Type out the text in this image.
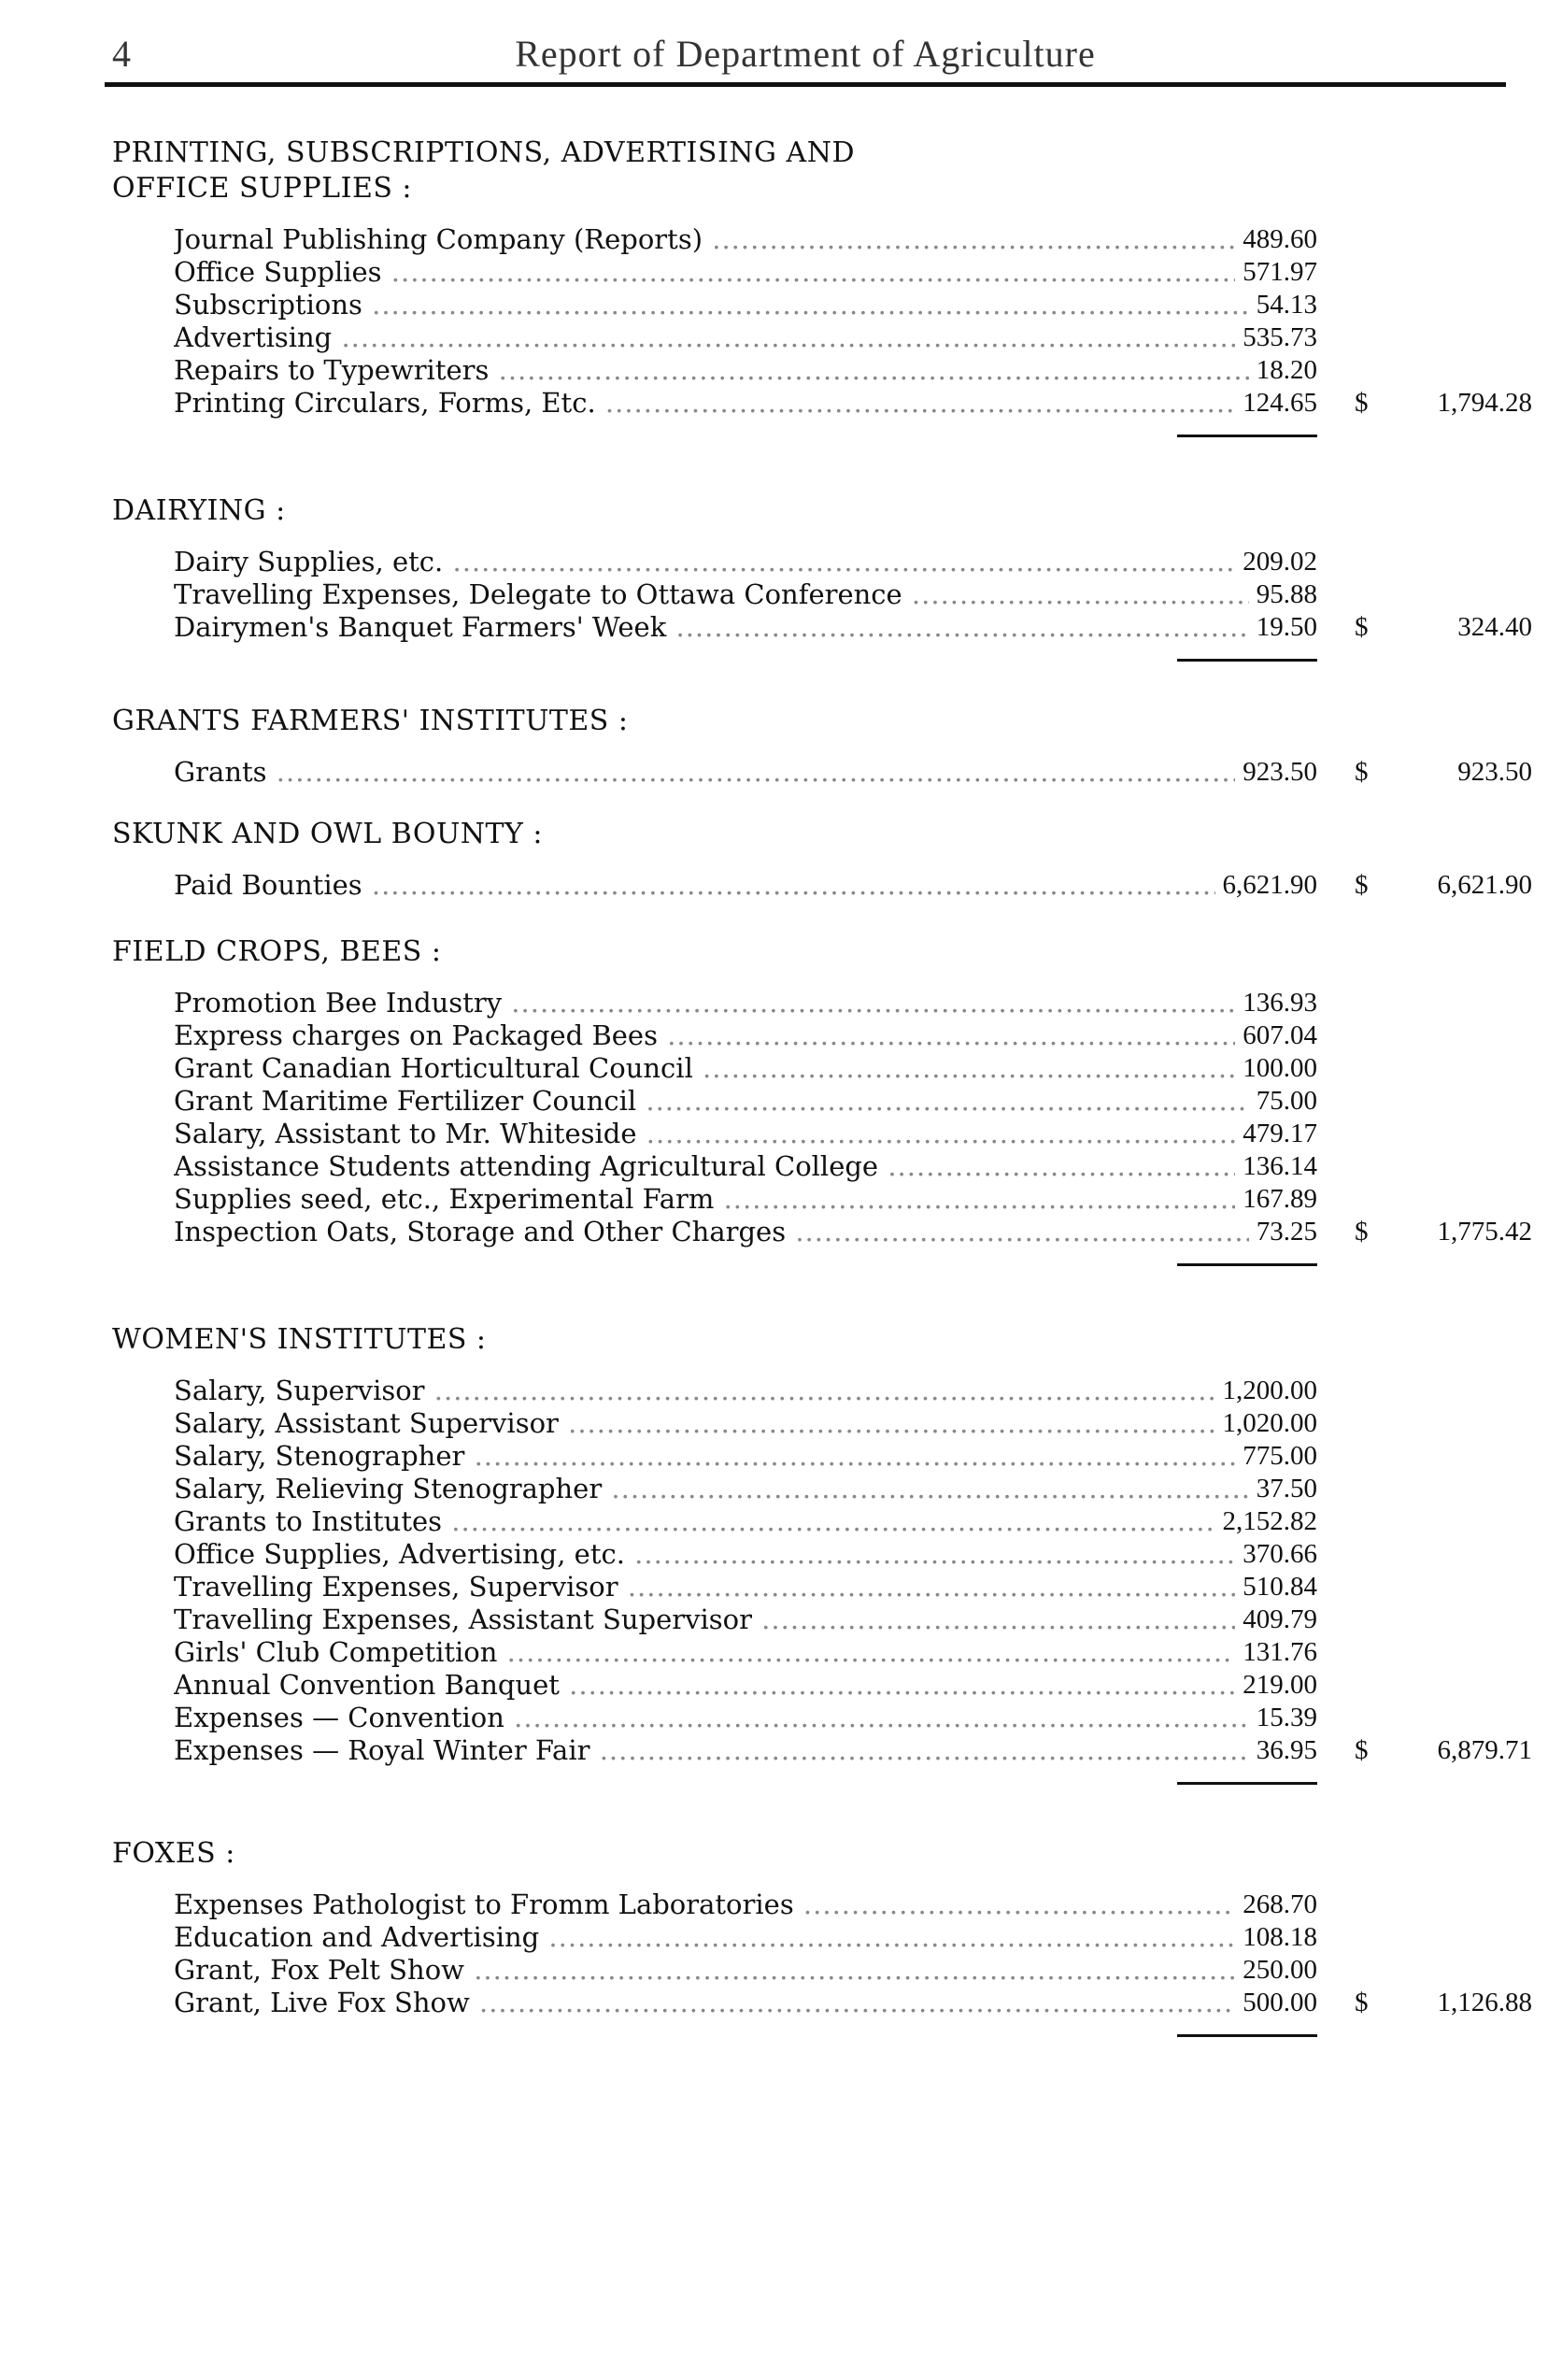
4	Report of Department of Agriculture
PRINTING, SUBSCRIPTIONS, ADVERTISING AND OFFICE SUPPLIES :
Journal Publishing Company (Reports) .....	489.60
Office Supplies .....	571.97
Subscriptions .....	54.13
Advertising .....	535.73
Repairs to Typewriters .....	18.20
Printing Circulars, Forms, Etc. .....	124.65 $	1,794.28
DAIRYING :
Dairy Supplies, etc. .....	209.02
Travelling Expenses, Delegate to Ottawa Conference .....	95.88
Dairymen's Banquet Farmers' Week .....	19.50 $	324.40
GRANTS FARMERS' INSTITUTES :
Grants .....	923.50 $	923.50
SKUNK AND OWL BOUNTY :
Paid Bounties .....	6,621.90 $	6,621.90
FIELD CROPS, BEES :
Promotion Bee Industry .....	136.93
Express charges on Packaged Bees .....	607.04
Grant Canadian Horticultural Council .....	100.00
Grant Maritime Fertilizer Council .....	75.00
Salary, Assistant to Mr. Whiteside .....	479.17
Assistance Students attending Agricultural College .....	136.14
Supplies seed, etc., Experimental Farm .....	167.89
Inspection Oats, Storage and Other Charges .....	73.25 $	1,775.42
WOMEN'S INSTITUTES :
Salary, Supervisor .....	1,200.00
Salary, Assistant Supervisor .....	1,020.00
Salary, Stenographer .....	775.00
Salary, Relieving Stenographer .....	37.50
Grants to Institutes .....	2,152.82
Office Supplies, Advertising, etc. .....	370.66
Travelling Expenses, Supervisor .....	510.84
Travelling Expenses, Assistant Supervisor .....	409.79
Girls' Club Competition .....	131.76
Annual Convention Banquet .....	219.00
Expenses — Convention .....	15.39
Expenses — Royal Winter Fair .....	36.95 $	6,879.71
FOXES :
Expenses Pathologist to Fromm Laboratories .....	268.70
Education and Advertising .....	108.18
Grant, Fox Pelt Show .....	250.00
Grant, Live Fox Show .....	500.00 $	1,126.88
